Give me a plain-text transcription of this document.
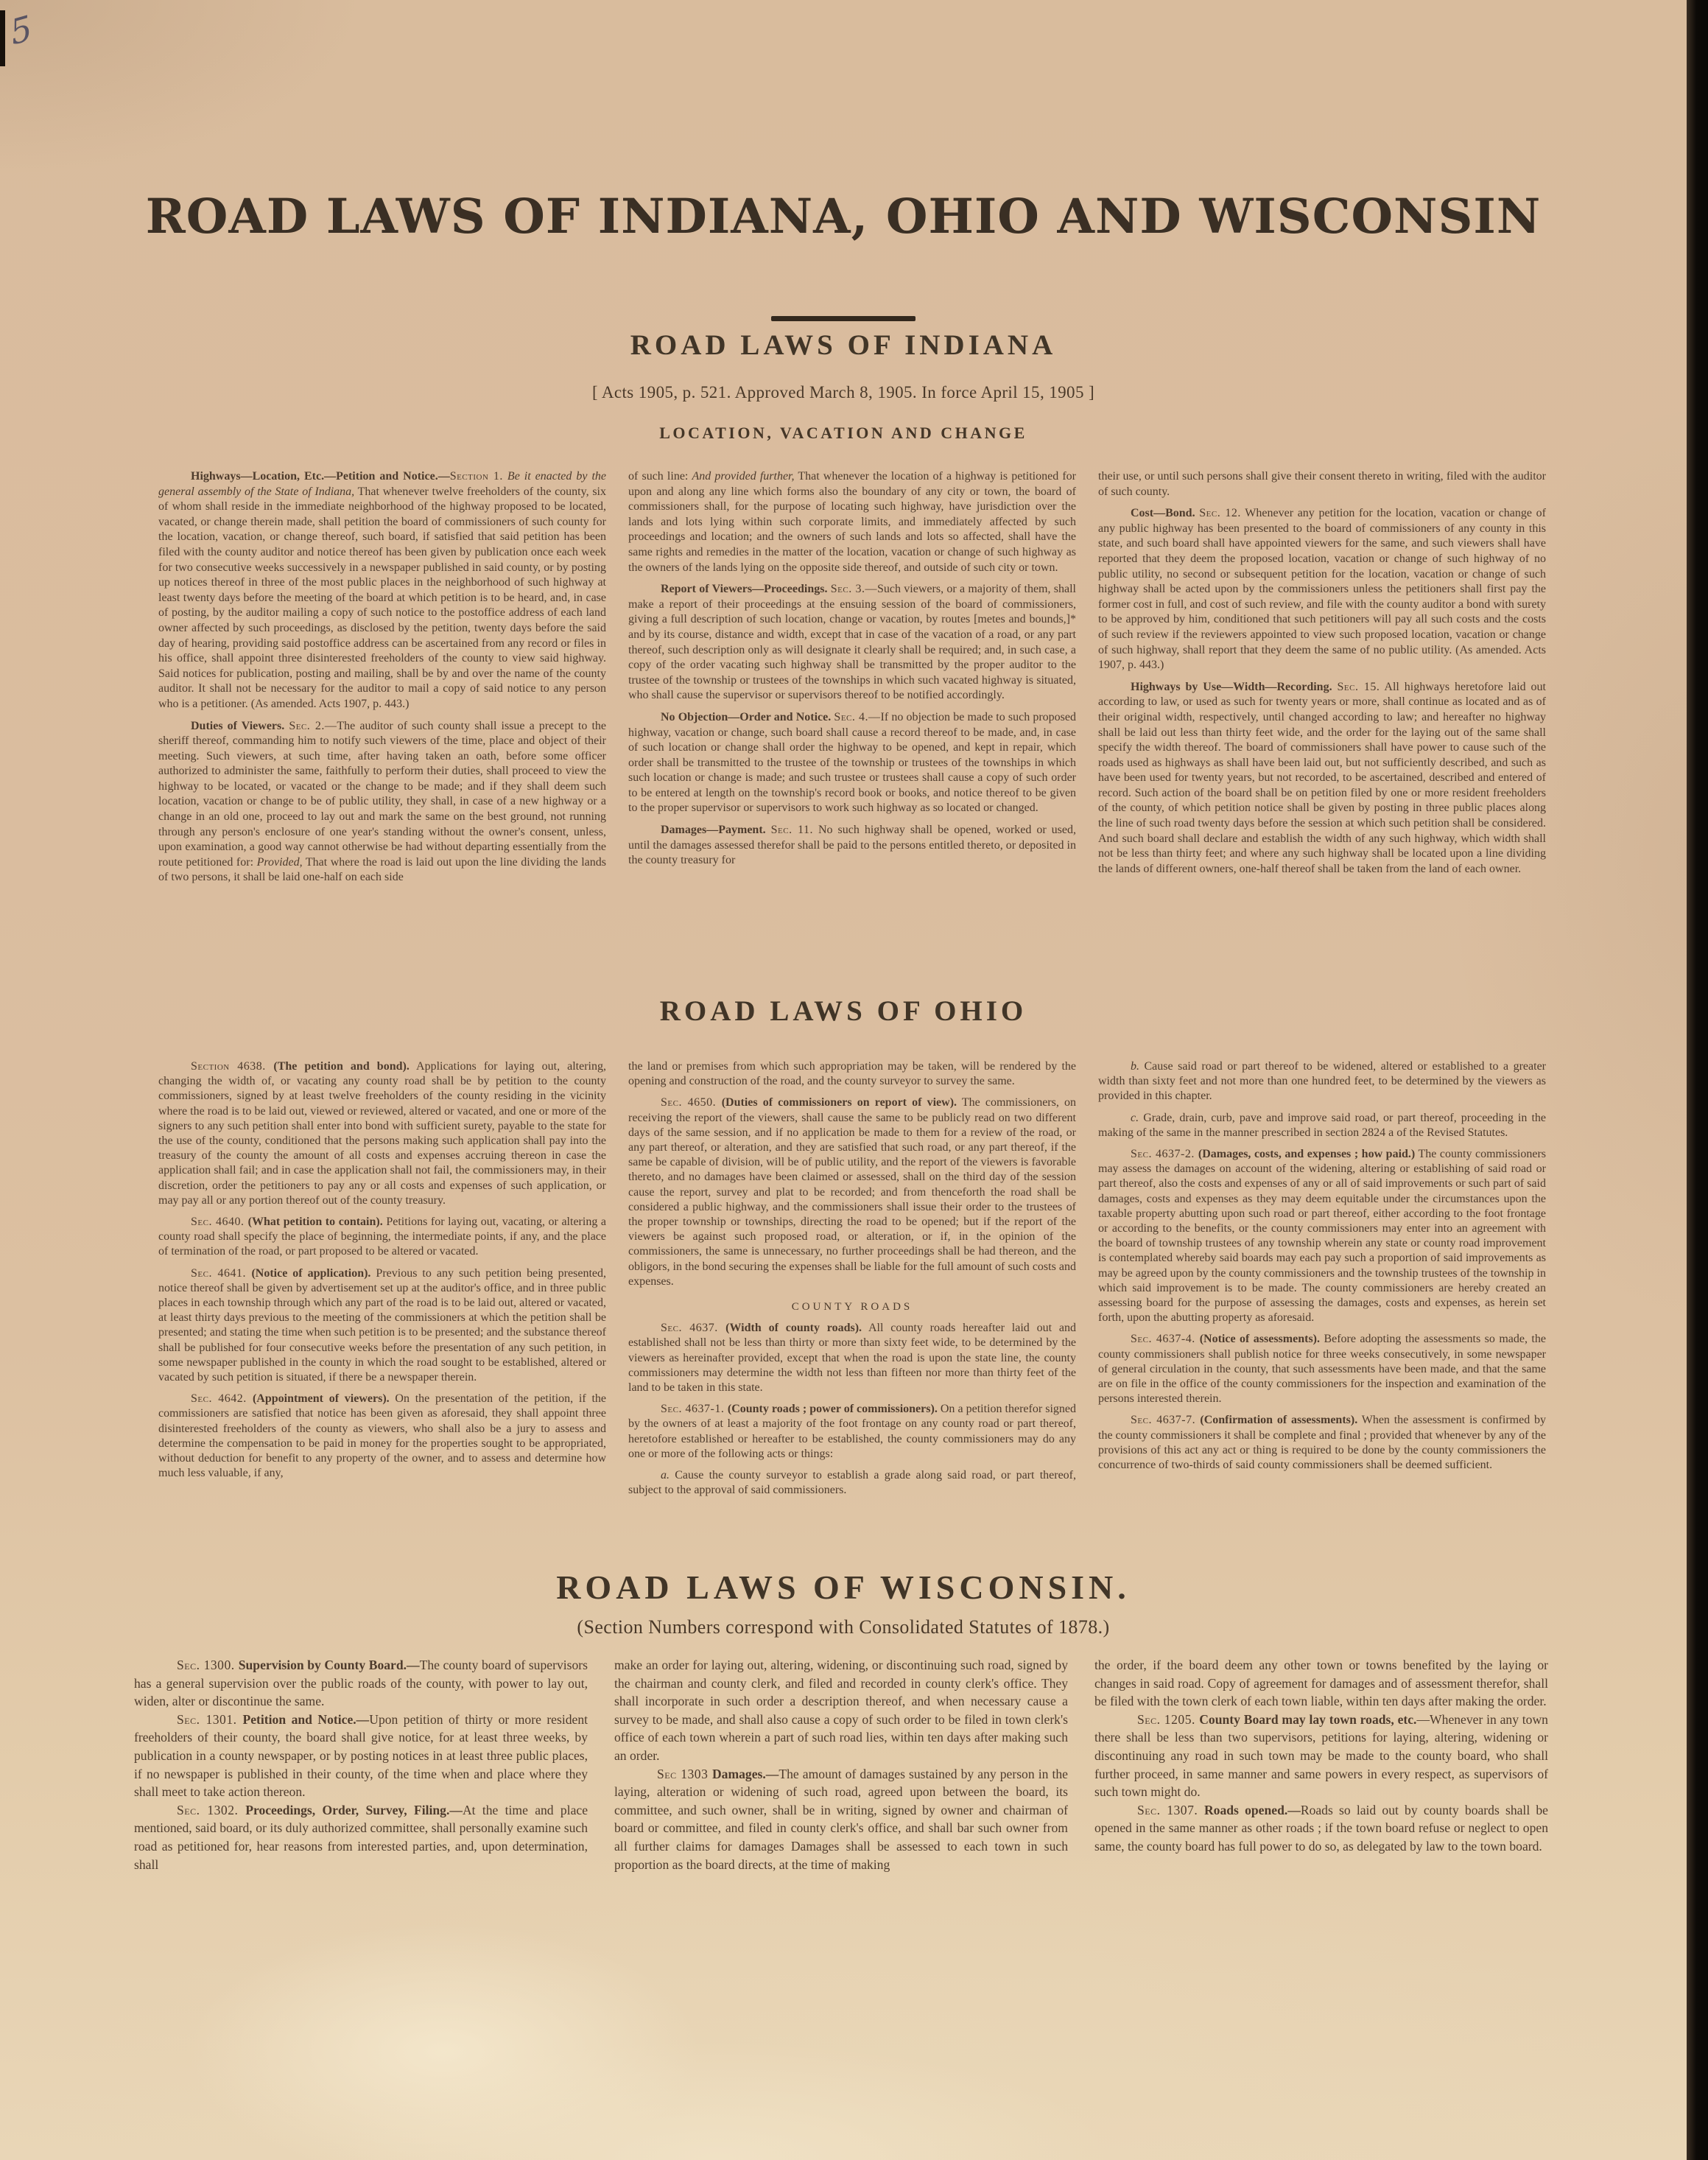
5
ROAD LAWS OF INDIANA, OHIO AND WISCONSIN
ROAD LAWS OF INDIANA
[ Acts 1905, p. 521. Approved March 8, 1905. In force April 15, 1905 ]
LOCATION, VACATION AND CHANGE

Highways—Location, Etc.—Petition and Notice.—Section 1. Be it enacted by the general assembly of the State of Indiana, That whenever twelve freeholders of the county, six of whom shall reside in the immediate neighborhood of the highway proposed to be located, vacated, or change therein made, shall petition the board of commissioners of such county for the location, vacation, or change thereof, such board, if satisfied that said petition has been filed with the county auditor and notice thereof has been given by publication once each week for two consecutive weeks successively in a newspaper published in said county, or by posting up notices thereof in three of the most public places in the neighborhood of such highway at least twenty days before the meeting of the board at which petition is to be heard, and, in case of posting, by the auditor mailing a copy of such notice to the postoffice address of each land owner affected by such proceedings, as disclosed by the petition, twenty days before the said day of hearing, providing said postoffice address can be ascertained from any record or files in his office, shall appoint three disinterested freeholders of the county to view said highway. Said notices for publication, posting and mailing, shall be by and over the name of the county auditor. It shall not be necessary for the auditor to mail a copy of said notice to any person who is a petitioner. (As amended. Acts 1907, p. 443.)

Duties of Viewers. Sec. 2.—The auditor of such county shall issue a precept to the sheriff thereof, commanding him to notify such viewers of the time, place and object of their meeting. Such viewers, at such time, after having taken an oath, before some officer authorized to administer the same, faithfully to perform their duties, shall proceed to view the highway to be located, or vacated or the change to be made; and if they shall deem such location, vacation or change to be of public utility, they shall, in case of a new highway or a change in an old one, proceed to lay out and mark the same on the best ground, not running through any person's enclosure of one year's standing without the owner's consent, unless, upon examination, a good way cannot otherwise be had without departing essentially from the route petitioned for: Provided, That where the road is laid out upon the line dividing the lands of two persons, it shall be laid one-half on each side

of such line: And provided further, That whenever the location of a highway is petitioned for upon and along any line which forms also the boundary of any city or town, the board of commissioners shall, for the purpose of locating such highway, have jurisdiction over the lands and lots lying within such corporate limits, and immediately affected by such proceedings and location; and the owners of such lands and lots so affected, shall have the same rights and remedies in the matter of the location, vacation or change of such highway as the owners of the lands lying on the opposite side thereof, and outside of such city or town.

Report of Viewers—Proceedings. Sec. 3.—Such viewers, or a majority of them, shall make a report of their proceedings at the ensuing session of the board of commissioners, giving a full description of such location, change or vacation, by routes [metes and bounds,]* and by its course, distance and width, except that in case of the vacation of a road, or any part thereof, such description only as will designate it clearly shall be required; and, in such case, a copy of the order vacating such highway shall be transmitted by the proper auditor to the trustee of the township or trustees of the townships in which such vacated highway is situated, who shall cause the supervisor or supervisors thereof to be notified accordingly.

No Objection—Order and Notice. Sec. 4.—If no objection be made to such proposed highway, vacation or change, such board shall cause a record thereof to be made, and, in case of such location or change shall order the highway to be opened, and kept in repair, which order shall be transmitted to the trustee of the township or trustees of the townships in which such location or change is made; and such trustee or trustees shall cause a copy of such order to be entered at length on the township's record book or books, and notice thereof to be given to the proper supervisor or supervisors to work such highway as so located or changed.

Damages—Payment. Sec. 11. No such highway shall be opened, worked or used, until the damages assessed therefor shall be paid to the persons entitled thereto, or deposited in the county treasury for

their use, or until such persons shall give their consent thereto in writing, filed with the auditor of such county.

Cost—Bond. Sec. 12. Whenever any petition for the location, vacation or change of any public highway has been presented to the board of commissioners of any county in this state, and such board shall have appointed viewers for the same, and such viewers shall have reported that they deem the proposed location, vacation or change of such highway of no public utility, no second or subsequent petition for the location, vacation or change of such highway shall be acted upon by the commissioners unless the petitioners shall first pay the former cost in full, and cost of such review, and file with the county auditor a bond with surety to be approved by him, conditioned that such petitioners will pay all such costs and the costs of such review if the reviewers appointed to view such proposed location, vacation or change of such highway, shall report that they deem the same of no public utility. (As amended. Acts 1907, p. 443.)

Highways by Use—Width—Recording. Sec. 15. All highways heretofore laid out according to law, or used as such for twenty years or more, shall continue as located and as of their original width, respectively, until changed according to law; and hereafter no highway shall be laid out less than thirty feet wide, and the order for the laying out of the same shall specify the width thereof. The board of commissioners shall have power to cause such of the roads used as highways as shall have been laid out, but not sufficiently described, and such as have been used for twenty years, but not recorded, to be ascertained, described and entered of record. Such action of the board shall be on petition filed by one or more resident freeholders of the county, of which petition notice shall be given by posting in three public places along the line of such road twenty days before the session at which such petition shall be considered. And such board shall declare and establish the width of any such highway, which width shall not be less than thirty feet; and where any such highway shall be located upon a line dividing the lands of different owners, one-half thereof shall be taken from the land of each owner.

ROAD LAWS OF OHIO

Section 4638. (The petition and bond). Applications for laying out, altering, changing the width of, or vacating any county road shall be by petition to the county commissioners, signed by at least twelve freeholders of the county residing in the vicinity where the road is to be laid out, viewed or reviewed, altered or vacated, and one or more of the signers to any such petition shall enter into bond with sufficient surety, payable to the state for the use of the county, conditioned that the persons making such application shall pay into the treasury of the county the amount of all costs and expenses accruing thereon in case the application shall fail; and in case the application shall not fail, the commissioners may, in their discretion, order the petitioners to pay any or all costs and expenses of such application, or may pay all or any portion thereof out of the county treasury.

Sec. 4640. (What petition to contain). Petitions for laying out, vacating, or altering a county road shall specify the place of beginning, the intermediate points, if any, and the place of termination of the road, or part proposed to be altered or vacated.

Sec. 4641. (Notice of application). Previous to any such petition being presented, notice thereof shall be given by advertisement set up at the auditor's office, and in three public places in each township through which any part of the road is to be laid out, altered or vacated, at least thirty days previous to the meeting of the commissioners at which the petition shall be presented; and stating the time when such petition is to be presented; and the substance thereof shall be published for four consecutive weeks before the presentation of any such petition, in some newspaper published in the county in which the road sought to be established, altered or vacated by such petition is situated, if there be a newspaper therein.

Sec. 4642. (Appointment of viewers). On the presentation of the petition, if the commissioners are satisfied that notice has been given as aforesaid, they shall appoint three disinterested freeholders of the county as viewers, who shall also be a jury to assess and determine the compensation to be paid in money for the properties sought to be appropriated, without deduction for benefit to any property of the owner, and to assess and determine how much less valuable, if any,

the land or premises from which such appropriation may be taken, will be rendered by the opening and construction of the road, and the county surveyor to survey the same.

Sec. 4650. (Duties of commissioners on report of view). The commissioners, on receiving the report of the viewers, shall cause the same to be publicly read on two different days of the same session, and if no application be made to them for a review of the road, or any part thereof, or alteration, and they are satisfied that such road, or any part thereof, if the same be capable of division, will be of public utility, and the report of the viewers is favorable thereto, and no damages have been claimed or assessed, shall on the third day of the session cause the report, survey and plat to be recorded; and from thenceforth the road shall be considered a public highway, and the commissioners shall issue their order to the trustees of the proper township or townships, directing the road to be opened; but if the report of the viewers be against such proposed road, or alteration, or if, in the opinion of the commissioners, the same is unnecessary, no further proceedings shall be had thereon, and the obligors, in the bond securing the expenses shall be liable for the full amount of such costs and expenses.

COUNTY ROADS

Sec. 4637. (Width of county roads). All county roads hereafter laid out and established shall not be less than thirty or more than sixty feet wide, to be determined by the viewers as hereinafter provided, except that when the road is upon the state line, the county commissioners may determine the width not less than fifteen nor more than thirty feet of the land to be taken in this state.

Sec. 4637-1. (County roads ; power of commissioners). On a petition therefor signed by the owners of at least a majority of the foot frontage on any county road or part thereof, heretofore established or hereafter to be established, the county commissioners may do any one or more of the following acts or things:

a. Cause the county surveyor to establish a grade along said road, or part thereof, subject to the approval of said commissioners.

b. Cause said road or part thereof to be widened, altered or established to a greater width than sixty feet and not more than one hundred feet, to be determined by the viewers as provided in this chapter.

c. Grade, drain, curb, pave and improve said road, or part thereof, proceeding in the making of the same in the manner prescribed in section 2824 a of the Revised Statutes.

Sec. 4637-2. (Damages, costs, and expenses ; how paid.) The county commissioners may assess the damages on account of the widening, altering or establishing of said road or part thereof, also the costs and expenses of any or all of said improvements or such part of said damages, costs and expenses as they may deem equitable under the circumstances upon the taxable property abutting upon such road or part thereof, either according to the foot frontage or according to the benefits, or the county commissioners may enter into an agreement with the board of township trustees of any township wherein any state or county road improvement is contemplated whereby said boards may each pay such a proportion of said improvements as may be agreed upon by the county commissioners and the township trustees of the township in which said improvement is to be made. The county commissioners are hereby created an assessing board for the purpose of assessing the damages, costs and expenses, as herein set forth, upon the abutting property as aforesaid.

Sec. 4637-4. (Notice of assessments). Before adopting the assessments so made, the county commissioners shall publish notice for three weeks consecutively, in some newspaper of general circulation in the county, that such assessments have been made, and that the same are on file in the office of the county commissioners for the inspection and examination of the persons interested therein.

Sec. 4637-7. (Confirmation of assessments). When the assessment is confirmed by the county commissioners it shall be complete and final ; provided that whenever by any of the provisions of this act any act or thing is required to be done by the county commissioners the concurrence of two-thirds of said county commissioners shall be deemed sufficient.

ROAD LAWS OF WISCONSIN.
(Section Numbers correspond with Consolidated Statutes of 1878.)

Sec. 1300. Supervision by County Board.—The county board of supervisors has a general supervision over the public roads of the county, with power to lay out, widen, alter or discontinue the same.

Sec. 1301. Petition and Notice.—Upon petition of thirty or more resident freeholders of their county, the board shall give notice, for at least three weeks, by publication in a county newspaper, or by posting notices in at least three public places, if no newspaper is published in their county, of the time when and place where they shall meet to take action thereon.

Sec. 1302. Proceedings, Order, Survey, Filing.—At the time and place mentioned, said board, or its duly authorized committee, shall personally examine such road as petitioned for, hear reasons from interested parties, and, upon determination, shall

make an order for laying out, altering, widening, or discontinuing such road, signed by the chairman and county clerk, and filed and recorded in county clerk's office. They shall incorporate in such order a description thereof, and when necessary cause a survey to be made, and shall also cause a copy of such order to be filed in town clerk's office of each town wherein a part of such road lies, within ten days after making such an order.

Sec 1303 Damages.—The amount of damages sustained by any person in the laying, alteration or widening of such road, agreed upon between the board, its committee, and such owner, shall be in writing, signed by owner and chairman of board or committee, and filed in county clerk's office, and shall bar such owner from all further claims for damages Damages shall be assessed to each town in such proportion as the board directs, at the time of making

the order, if the board deem any other town or towns benefited by the laying or changes in said road. Copy of agreement for damages and of assessment therefor, shall be filed with the town clerk of each town liable, within ten days after making the order.

Sec. 1205. County Board may lay town roads, etc.—Whenever in any town there shall be less than two supervisors, petitions for laying, altering, widening or discontinuing any road in such town may be made to the county board, who shall further proceed, in same manner and same powers in every respect, as supervisors of such town might do.

Sec. 1307. Roads opened.—Roads so laid out by county boards shall be opened in the same manner as other roads ; if the town board refuse or neglect to open same, the county board has full power to do so, as delegated by law to the town board.
